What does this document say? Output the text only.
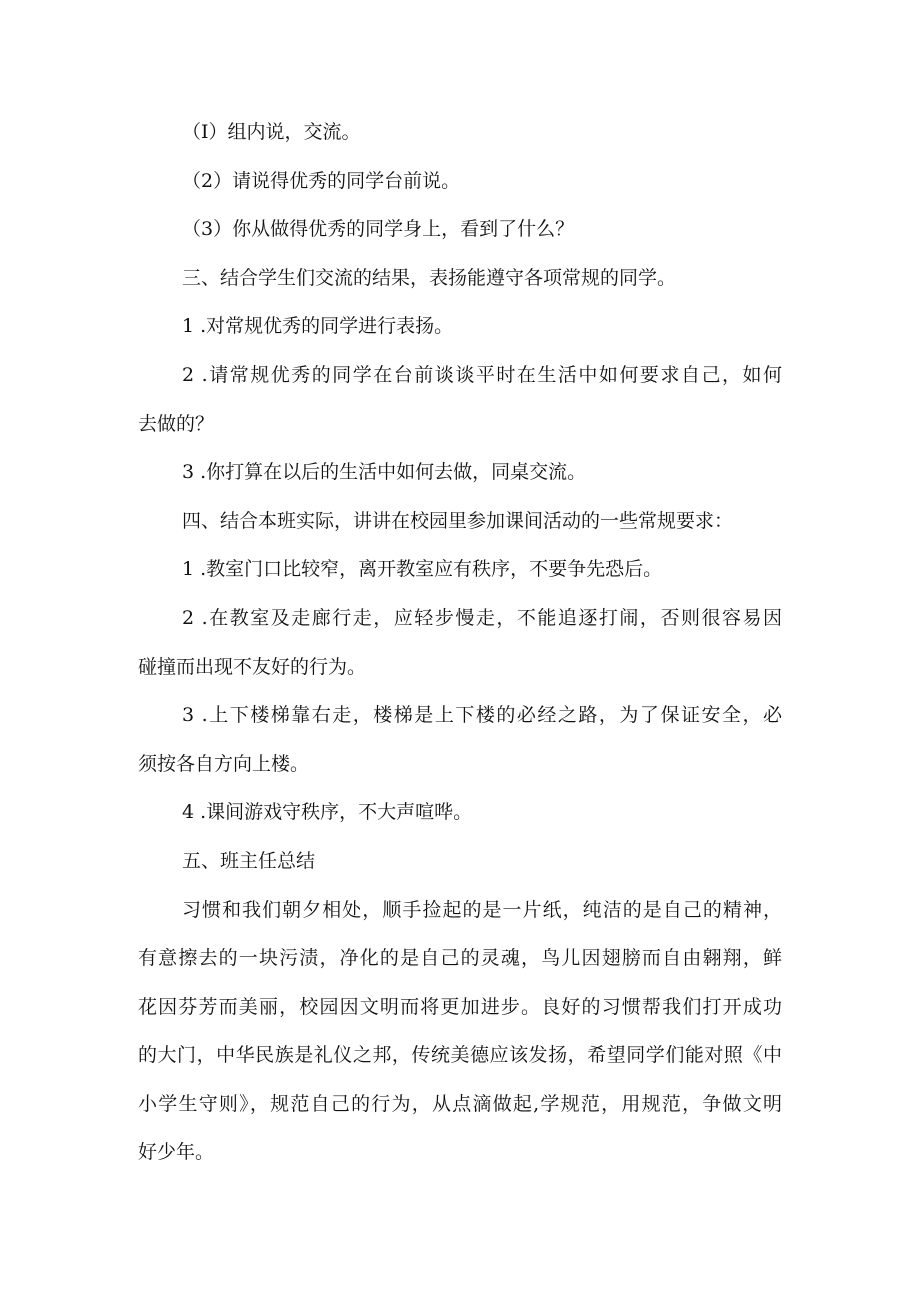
（I）组内说，交流。
（2）请说得优秀的同学台前说。
（3）你从做得优秀的同学身上，看到了什么？
三、结合学生们交流的结果，表扬能遵守各项常规的同学。
1 .对常规优秀的同学进行表扬。
2 .请常规优秀的同学在台前谈谈平时在生活中如何要求自己，如何
去做的？
3 .你打算在以后的生活中如何去做，同桌交流。
四、结合本班实际，讲讲在校园里参加课间活动的一些常规要求：
1 .教室门口比较窄，离开教室应有秩序，不要争先恐后。
2 .在教室及走廊行走，应轻步慢走，不能追逐打闹，否则很容易因
碰撞而出现不友好的行为。
3 .上下楼梯靠右走，楼梯是上下楼的必经之路，为了保证安全，必
须按各自方向上楼。
4 .课间游戏守秩序，不大声喧哗。
五、班主任总结
习惯和我们朝夕相处，顺手捡起的是一片纸，纯洁的是自己的精神，
有意擦去的一块污渍，净化的是自己的灵魂，鸟儿因翅膀而自由翱翔，鲜
花因芬芳而美丽，校园因文明而将更加进步。良好的习惯帮我们打开成功
的大门，中华民族是礼仪之邦，传统美德应该发扬，希望同学们能对照《中
小学生守则》，规范自己的行为，从点滴做起,学规范，用规范，争做文明
好少年。
